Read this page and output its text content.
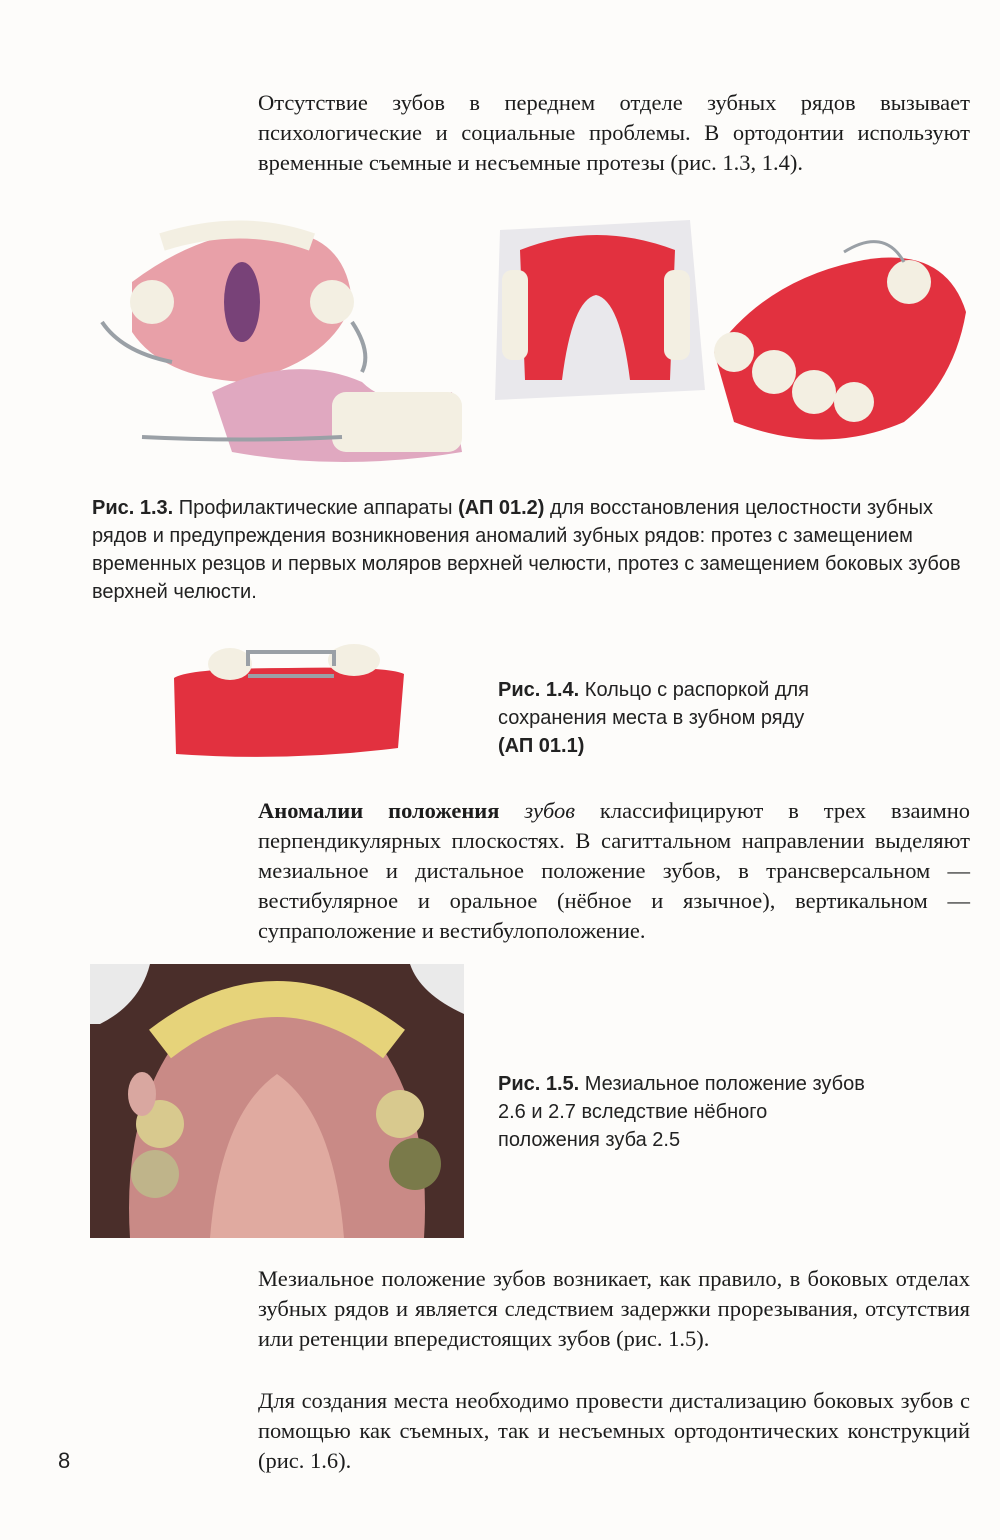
Отсутствие зубов в переднем отделе зубных рядов вызывает психологические и социальные проблемы. В ортодонтии используют временные съемные и несъемные протезы (рис. 1.3, 1.4).

Рис. 1.3. Профилактические аппараты (АП 01.2) для восстановления целостности зубных рядов и предупреждения возникновения аномалий зубных рядов: протез с замещением временных резцов и первых моляров верхней челюсти, протез с замещением боковых зубов верхней челюсти.

Рис. 1.4. Кольцо с распоркой для сохранения места в зубном ряду
(АП 01.1)

Аномалии положения зубов классифицируют в трех взаимно перпендикулярных плоскостях. В сагиттальном направлении выделяют мезиальное и дистальное положение зубов, в трансверсальном — вестибулярное и оральное (нёбное и язычное), вертикальном — супраположение и вестибулоположение.

Рис. 1.5. Мезиальное положение зубов 2.6 и 2.7 вследствие нёбного положения зуба 2.5

Мезиальное положение зубов возникает, как правило, в боковых отделах зубных рядов и является следствием задержки прорезывания, отсутствия или ретенции впередистоящих зубов (рис. 1.5).

Для создания места необходимо провести дистализацию боковых зубов с помощью как съемных, так и несъемных ортодонтических конструкций (рис. 1.6).

8
